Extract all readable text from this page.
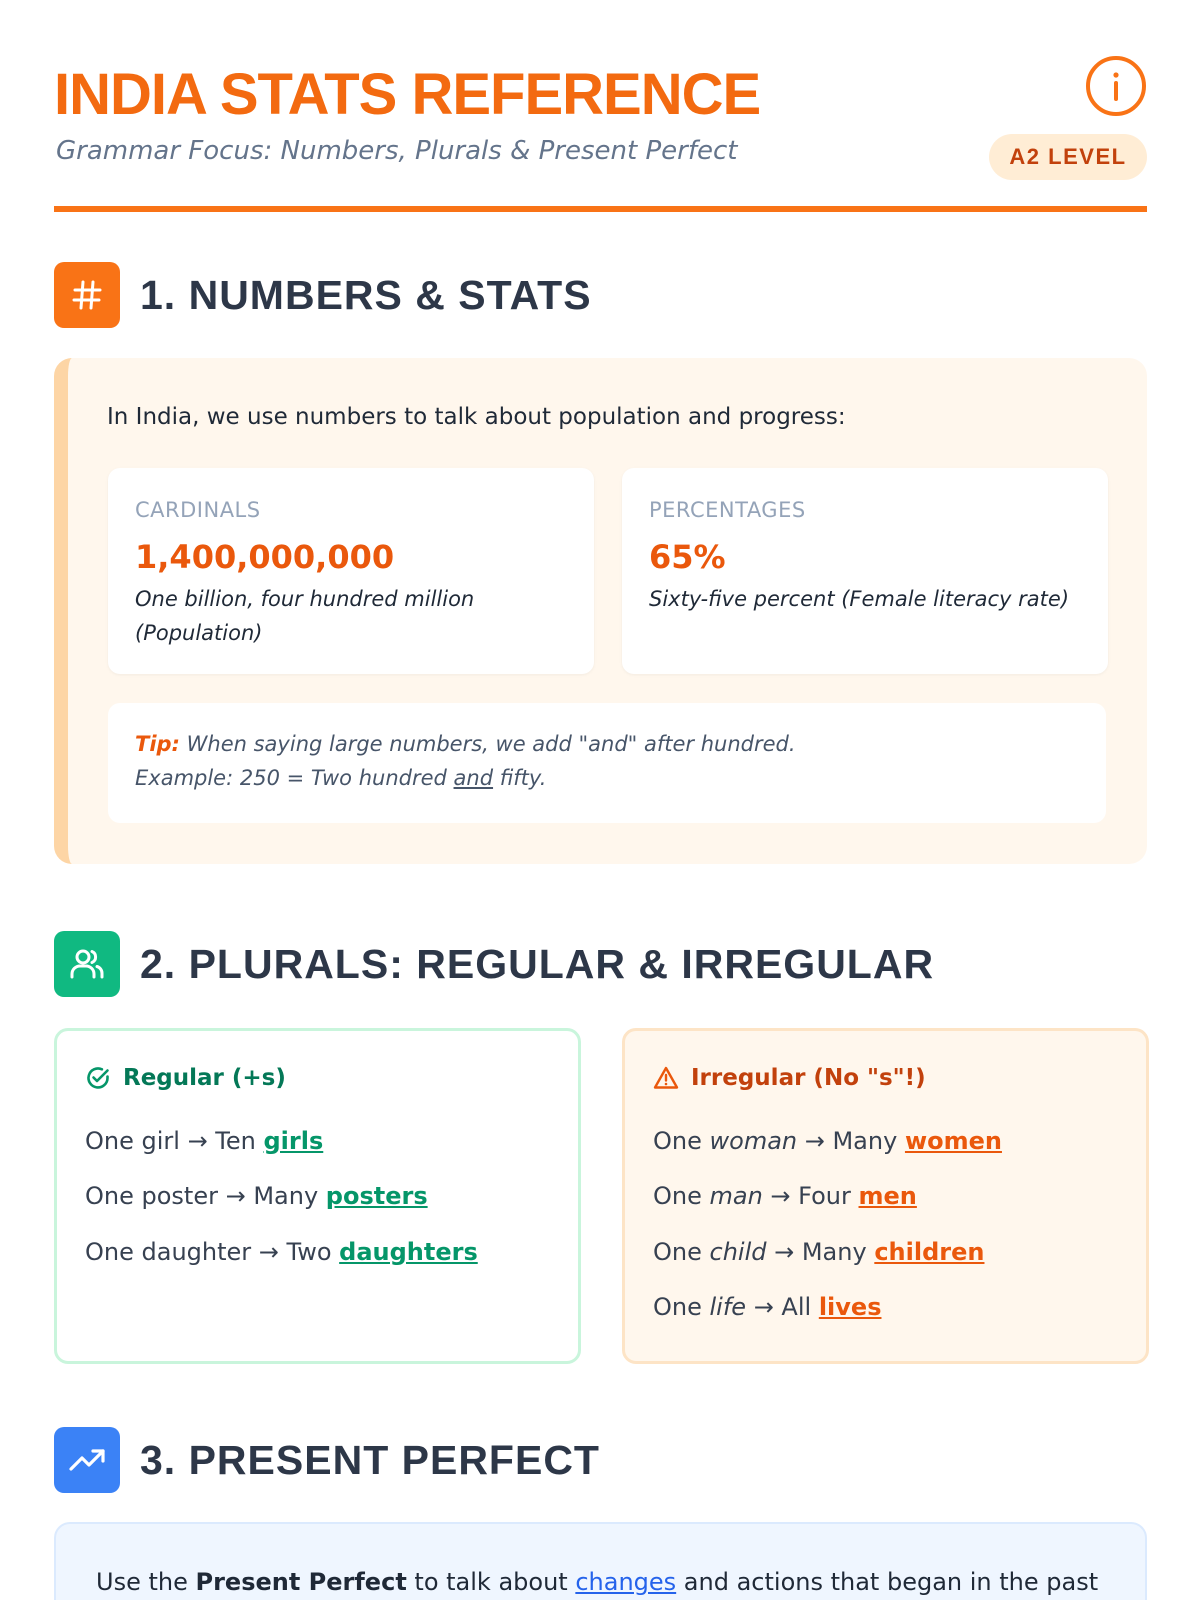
INDIA STATS REFERENCE
Grammar Focus: Numbers, Plurals & Present Perfect	A2 LEVEL
1. NUMBERS & STATS
In India, we use numbers to talk about population and progress:
CARDINALS
1,400,000,000
One billion, four hundred million (Population)
PERCENTAGES
65%
Sixty-five percent (Female literacy rate)
Tip: When saying large numbers, we add "and" after hundred.
Example: 250 = Two hundred and fifty.
2. PLURALS: REGULAR & IRREGULAR
Regular (+s)
One girl → Ten girls
One poster → Many posters
One daughter → Two daughters
Irregular (No "s"!)
One woman → Many women
One man → Four men
One child → Many children
One life → All lives
3. PRESENT PERFECT
Use the Present Perfect to talk about changes and actions that began in the past
